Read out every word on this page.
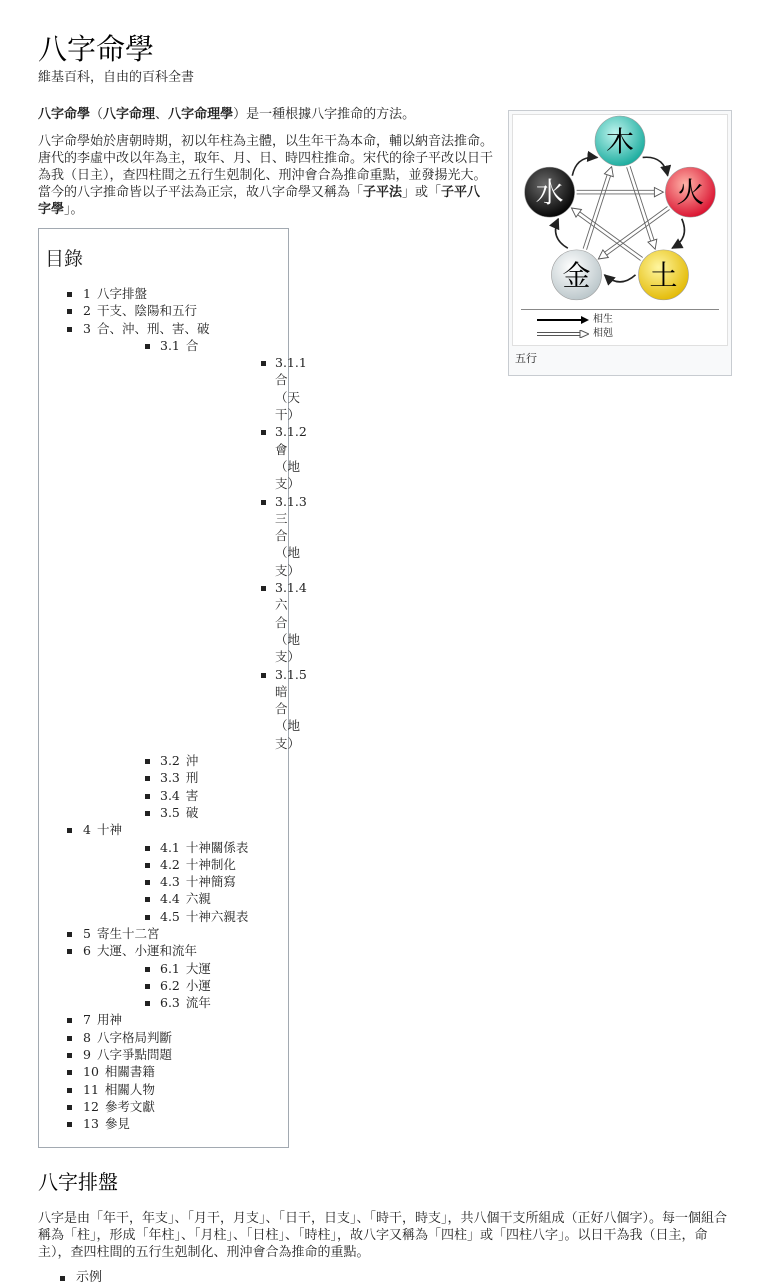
八字命學
維基百科，自由的百科全書

八字命學（八字命理、八字命理學）是一種根據八字推命的方法。

八字命學始於唐朝時期，初以年柱為主體，以生年干為本命，輔以納音法推命。唐代的李虛中改以年為主，取年、月、日、時四柱推命。宋代的徐子平改以日干為我（日主），查四柱間之五行生剋制化、刑沖會合為推命重點，並發揚光大。當今的八字推命皆以子平法為正宗，故八字命學又稱為「子平法」或「子平八字學」。

木
火
土
金
水
相生
相剋
五行
目錄
1 八字排盤
2 干支、陰陽和五行
3 合、沖、刑、害、破
3.1 合
3.1.1合（天干）
3.1.2會（地支）
3.1.3三合（地支）
3.1.4六合（地支）
3.1.5暗合（地支）
3.2 沖
3.3 刑
3.4 害
3.5 破
4 十神
4.1 十神關係表
4.2 十神制化
4.3 十神簡寫
4.4 六親
4.5 十神六親表
5 寄生十二宮
6 大運、小運和流年
6.1 大運
6.2 小運
6.3 流年
7 用神
8 八字格局判斷
9 八字爭點問題
10 相關書籍
11 相關人物
12 參考文獻
13 參見
八字排盤

八字是由「年干，年支」、「月干，月支」、「日干，日支」、「時干，時支」，共八個干支所組成（正好八個字）。每一個組合稱為「柱」，形成「年柱」、「月柱」、「日柱」、「時柱」，故八字又稱為「四柱」或「四柱八字」。以日干為我（日主，命主），查四柱間的五行生剋制化、刑沖會合為推命的重點。

示例
